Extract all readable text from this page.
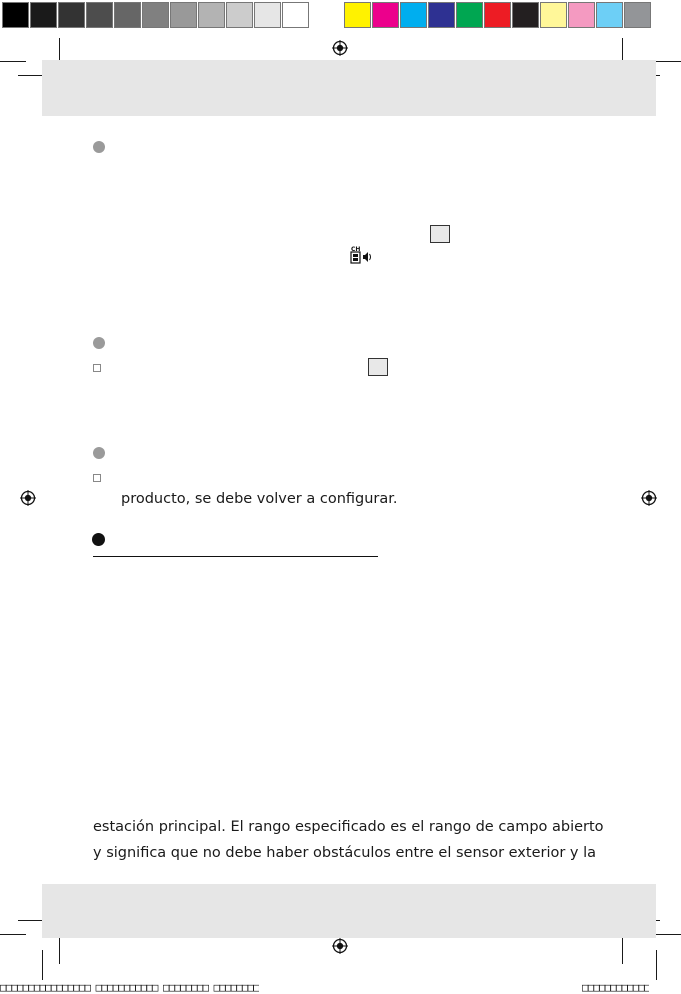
CH
producto, se debe volver a configurar.
estación principal. El rango especificado es el rango de campo abierto
y significa que no debe haber obstáculos entre el sensor exterior y la
□□□□□□□□□□□□□□□□ □□□□□□□□□□□ □□□□□□□□ □□□□□□□□	□□□□□□□□□□□□
